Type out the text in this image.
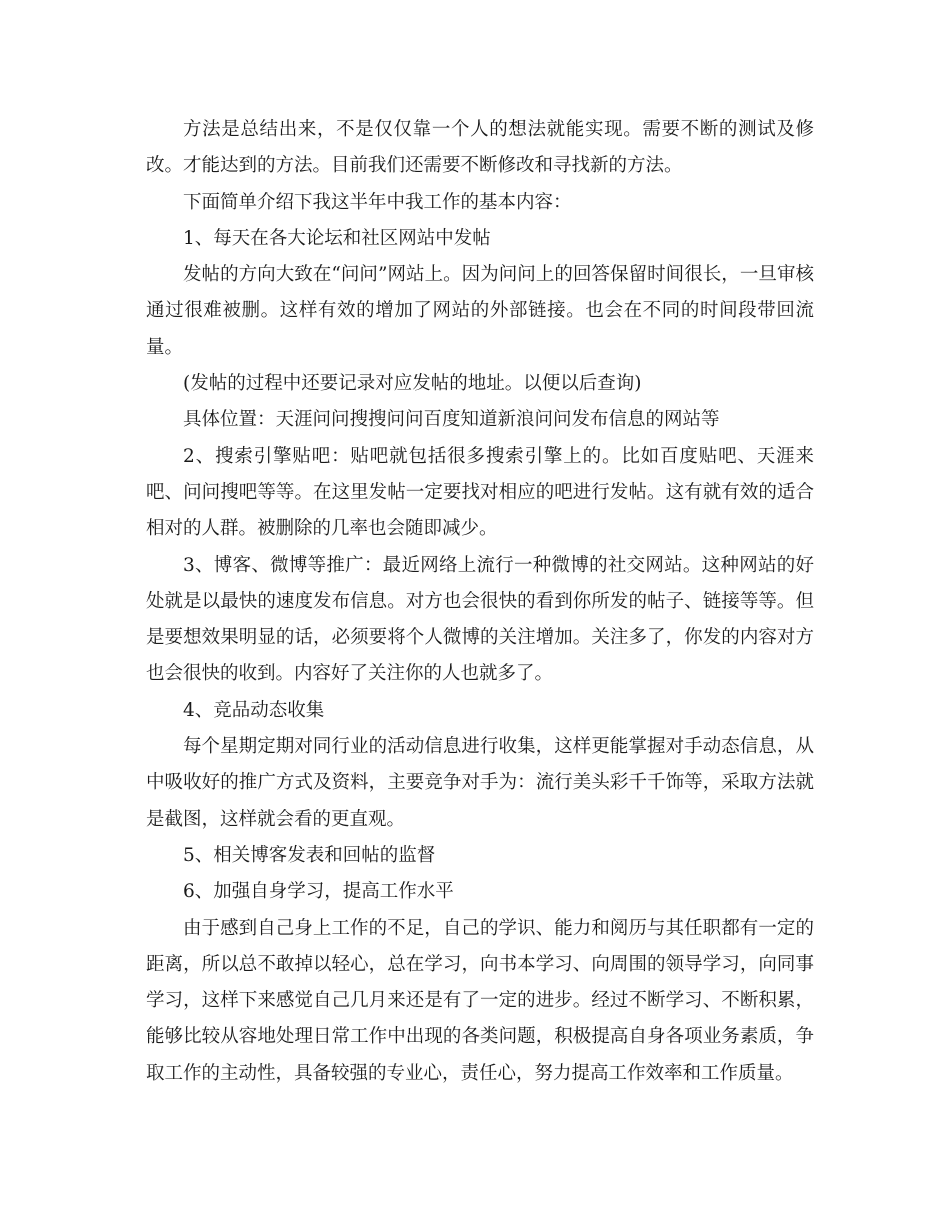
方法是总结出来，不是仅仅靠一个人的想法就能实现。需要不断的测试及修改。才能达到的方法。目前我们还需要不断修改和寻找新的方法。

下面简单介绍下我这半年中我工作的基本内容：

1、每天在各大论坛和社区网站中发帖

发帖的方向大致在“问问”网站上。因为问问上的回答保留时间很长，一旦审核通过很难被删。这样有效的增加了网站的外部链接。也会在不同的时间段带回流量。

(发帖的过程中还要记录对应发帖的地址。以便以后查询)

具体位置：天涯问问搜搜问问百度知道新浪问问发布信息的网站等

2、搜索引擎贴吧：贴吧就包括很多搜索引擎上的。比如百度贴吧、天涯来吧、问问搜吧等等。在这里发帖一定要找对相应的吧进行发帖。这有就有效的适合相对的人群。被删除的几率也会随即减少。

3、博客、微博等推广：最近网络上流行一种微博的社交网站。这种网站的好处就是以最快的速度发布信息。对方也会很快的看到你所发的帖子、链接等等。但是要想效果明显的话，必须要将个人微博的关注增加。关注多了，你发的内容对方也会很快的收到。内容好了关注你的人也就多了。

4、竞品动态收集

每个星期定期对同行业的活动信息进行收集，这样更能掌握对手动态信息，从中吸收好的推广方式及资料，主要竞争对手为：流行美头彩千千饰等，采取方法就是截图，这样就会看的更直观。

5、相关博客发表和回帖的监督

6、加强自身学习，提高工作水平

由于感到自己身上工作的不足，自己的学识、能力和阅历与其任职都有一定的距离，所以总不敢掉以轻心，总在学习，向书本学习、向周围的领导学习，向同事学习，这样下来感觉自己几月来还是有了一定的进步。经过不断学习、不断积累，能够比较从容地处理日常工作中出现的各类问题，积极提高自身各项业务素质，争取工作的主动性，具备较强的专业心，责任心，努力提高工作效率和工作质量。
